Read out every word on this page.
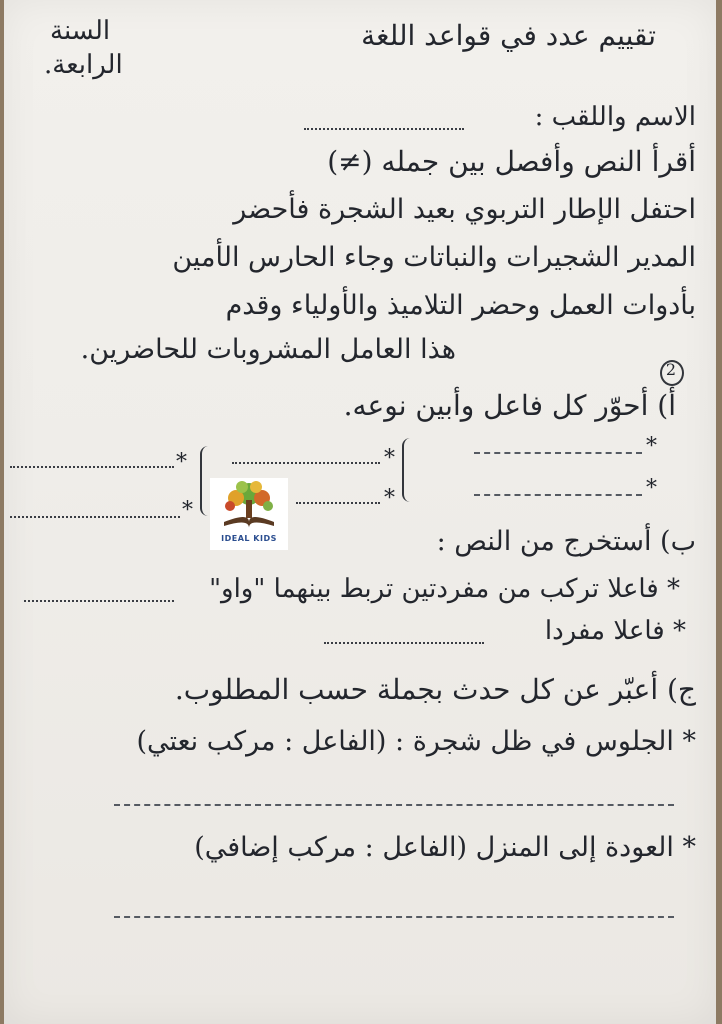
تقييم عدد في قواعد اللغة
السنة
الرابعة.
الاسم واللقب :
أقرأ النص وأفصل بين جمله (≠)
احتفل الإطار التربوي بعيد الشجرة فأحضر
المدير الشجيرات والنباتات وجاء الحارس الأمين
بأدوات العمل وحضر التلاميذ والأولياء وقدم
هذا العامل المشروبات للحاضرين.
2
أ) أحوّر كل فاعل وأبين نوعه.
*
*
*
*
*
*
IDEAL KIDS	ب) أستخرج من النص :
* فاعلا تركب من مفردتين تربط بينهما "واو"
* فاعلا مفردا
ج) أعبّر عن كل حدث بجملة حسب المطلوب.
* الجلوس في ظل شجرة : (الفاعل : مركب نعتي)
* العودة إلى المنزل (الفاعل : مركب إضافي)
